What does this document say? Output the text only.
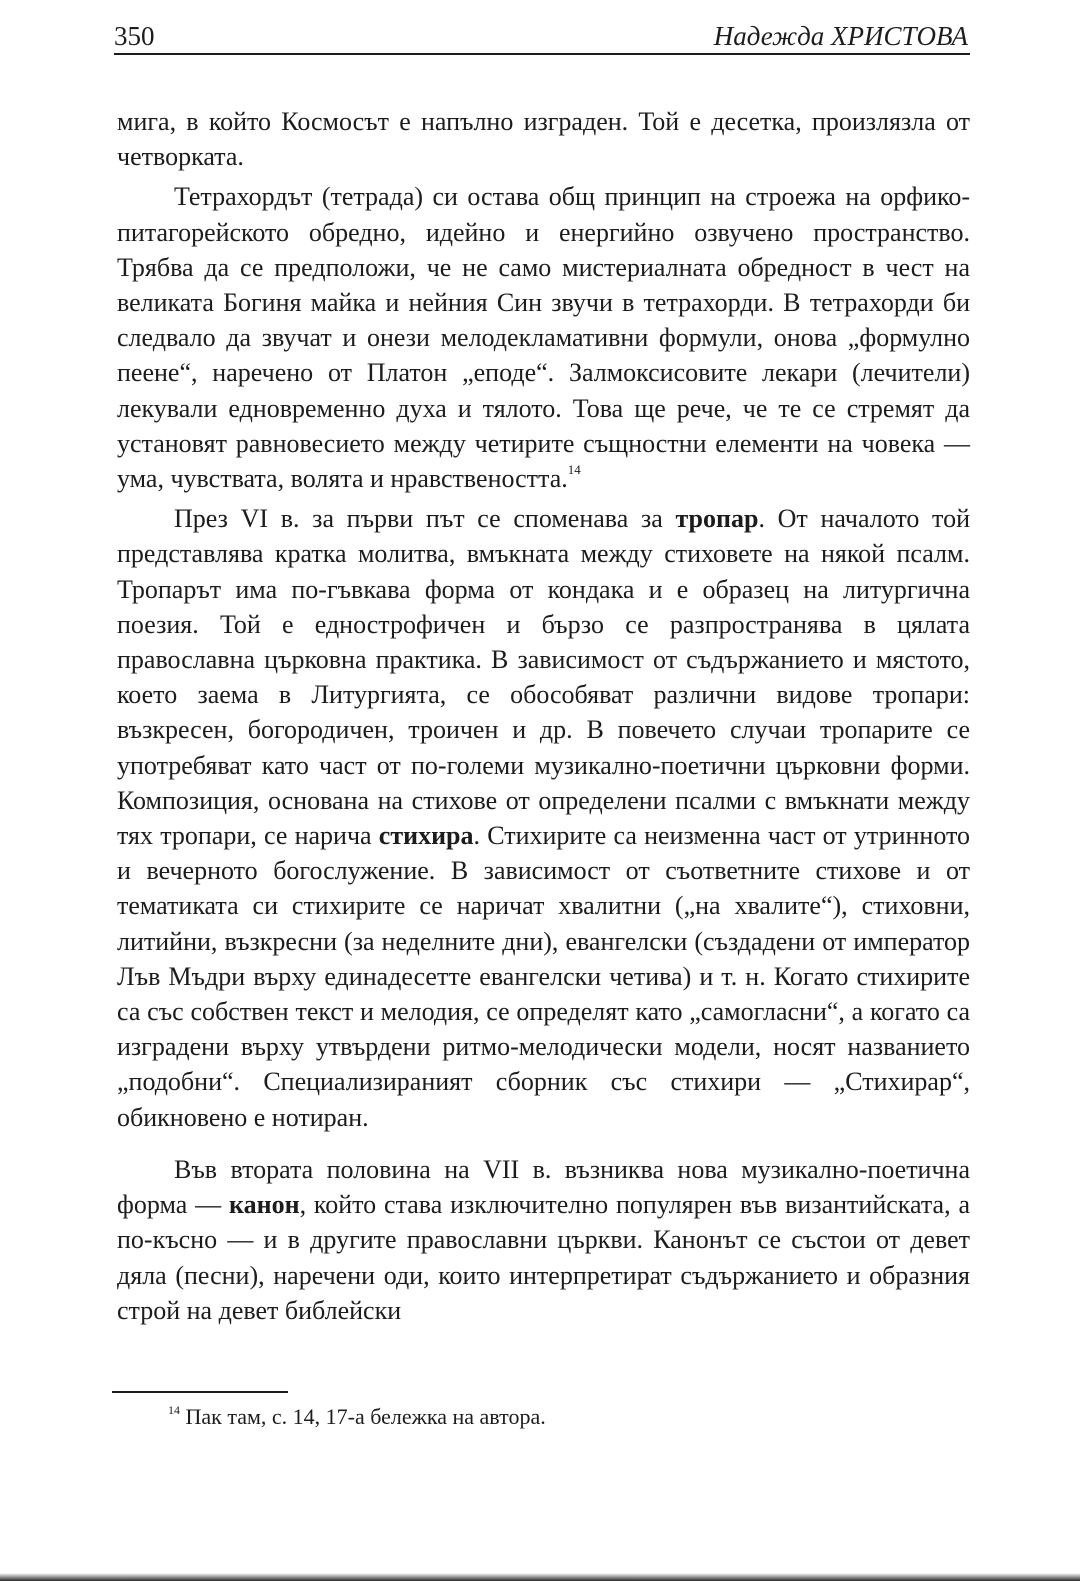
350	Надежда ХРИСТОВА

мига, в който Космосът е напълно изграден. Той е десетка, произлязла от четворката.

Тетрахордът (тетрада) си остава общ принцип на строежа на орфико-питагорейското обредно, идейно и енергийно озвучено пространство. Трябва да се предположи, че не само мистериалната обредност в чест на великата Богиня майка и нейния Син звучи в тетрахорди. В тетрахорди би следвало да звучат и онези мелодекламативни формули, онова „формулно пеене“, наречено от Платон „еподе“. Залмоксисовите лекари (лечители) лекували едновременно духа и тялото. Това ще рече, че те се стремят да установят равновесието между четирите същностни елементи на човека — ума, чувствата, волята и нравствеността.$^{14}$

През VI в. за първи път се споменава за тропар. От началото той представлява кратка молитва, вмъкната между стиховете на някой псалм. Тропарът има по-гъвкава форма от кондака и е образец на литургична поезия. Той е еднострофичен и бързо се разпространява в цялата православна църковна практика. В зависимост от съдържанието и мястото, което заема в Литургията, се обособяват различни видове тропари: възкресен, богородичен, троичен и др. В повечето случаи тропарите се употребяват като част от по-големи музикално-поетични църковни форми. Композиция, основана на стихове от определени псалми с вмъкнати между тях тропари, се нарича стихира. Стихирите са неизменна част от утринното и вечерното богослужение. В зависимост от съответните стихове и от тематиката си стихирите се наричат хвалитни („на хвалите“), стиховни, литийни, възкресни (за неделните дни), евангелски (създадени от император Лъв Мъдри върху единадесетте евангелски четива) и т. н. Когато стихирите са със собствен текст и мелодия, се определят като „самогласни“, а когато са изградени върху утвърдени ритмо-мелодически модели, носят названието „подобни“. Специализираният сборник със стихири — „Стихирар“, обикновено е нотиран.

Във втората половина на VII в. възниква нова музикално-поетична форма — канон, който става изключително популярен във византийската, а по-късно — и в другите православни църкви. Канонът се състои от девет дяла (песни), наречени оди, които интерпретират съдържанието и образния строй на девет библейски

$^{14}$ Пак там, с. 14, 17-а бележка на автора.
